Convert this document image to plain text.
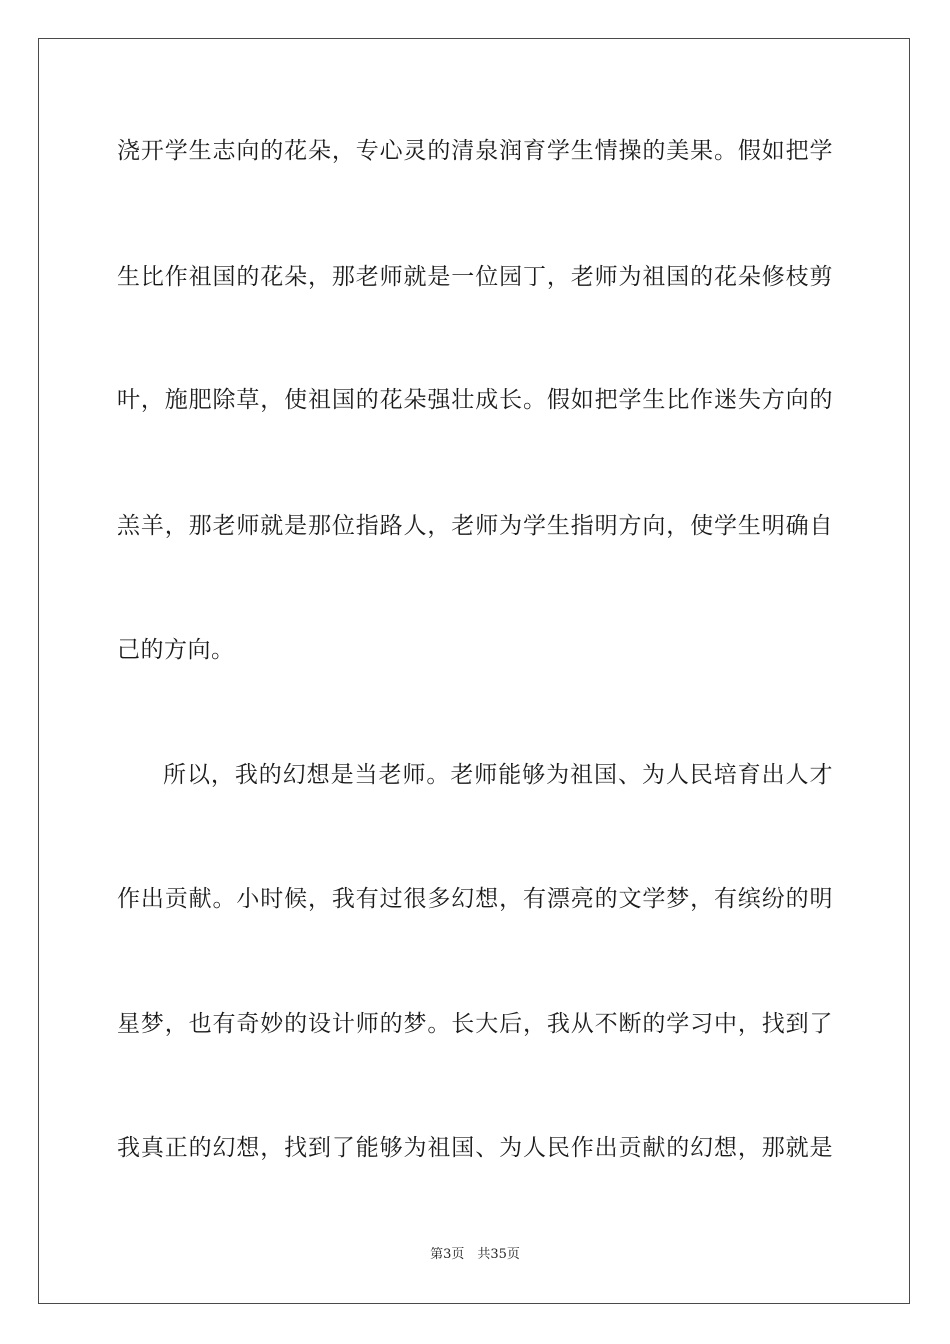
浇开学生志向的花朵，专心灵的清泉润育学生情操的美果。假如把学
生比作祖国的花朵，那老师就是一位园丁，老师为祖国的花朵修枝剪
叶，施肥除草，使祖国的花朵强壮成长。假如把学生比作迷失方向的
羔羊，那老师就是那位指路人，老师为学生指明方向，使学生明确自
己的方向。
所以，我的幻想是当老师。老师能够为祖国、为人民培育出人才
作出贡献。小时候，我有过很多幻想，有漂亮的文学梦，有缤纷的明
星梦，也有奇妙的设计师的梦。长大后，我从不断的学习中，找到了
我真正的幻想，找到了能够为祖国、为人民作出贡献的幻想，那就是
第3页　共35页
